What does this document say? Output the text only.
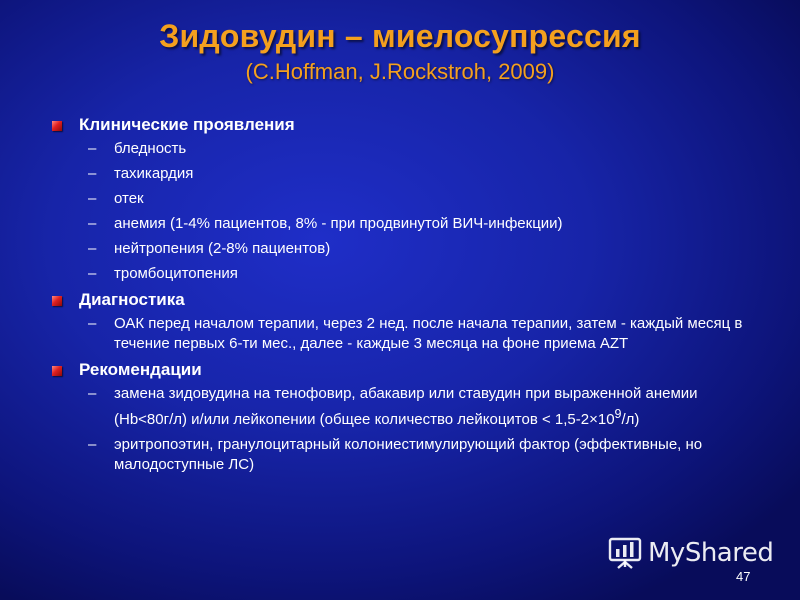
Зидовудин – миелосупрессия
(C.Hoffman, J.Rockstroh, 2009)
Клинические проявления
– бледность
– тахикардия
– отек
– анемия (1-4% пациентов, 8% - при продвинутой ВИЧ-инфекции)
– нейтропения (2-8% пациентов)
– тромбоцитопения
Диагностика
– ОАК перед началом терапии, через 2 нед. после начала терапии, затем - каждый месяц в течение первых 6-ти мес., далее - каждые 3 месяца на фоне приема AZT
Рекомендации
– замена зидовудина на тенофовир, абакавир или ставудин при выраженной анемии (Hb<80г/л) и/или лейкопении (общее количество лейкоцитов < $1,5-2\times 10^9/л$)
– эритропоэтин, гранулоцитарный колониестимулирующий фактор (эффективные, но малодоступные ЛС)
MyShared
47
